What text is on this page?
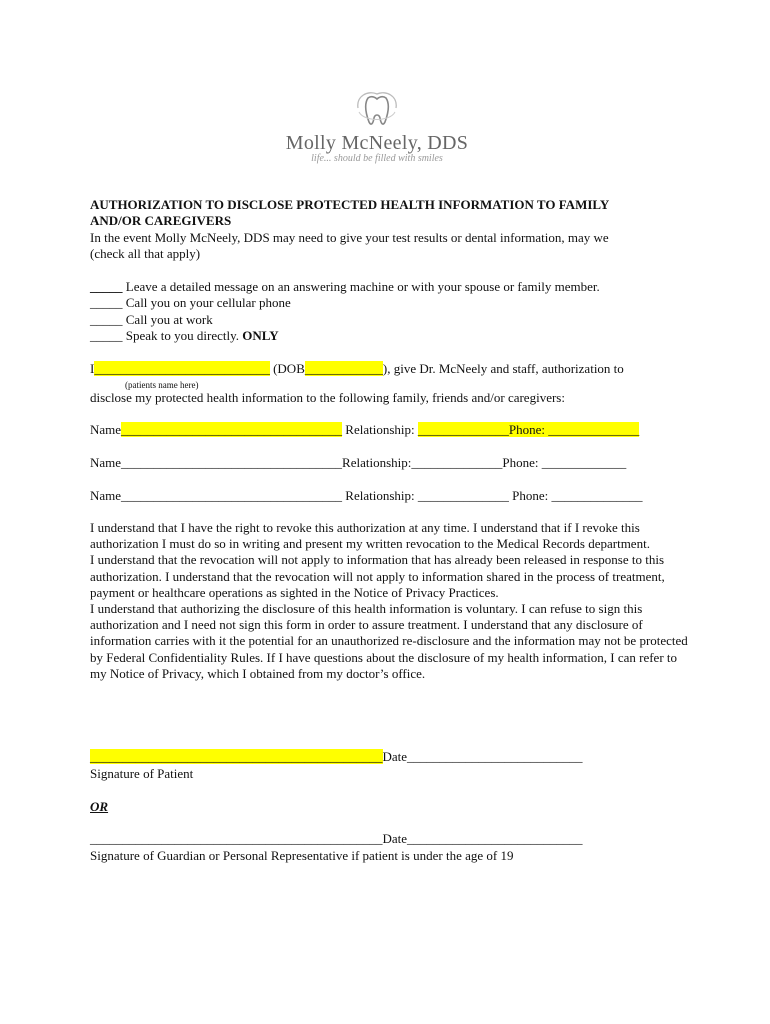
Molly McNeely, DDS
life... should be filled with smiles
AUTHORIZATION TO DISCLOSE PROTECTED HEALTH INFORMATION TO FAMILY
AND/OR CAREGIVERS
In the event Molly McNeely, DDS may need to give your test results or dental information, may we
(check all that apply)
_____ Leave a detailed message on an answering machine or with your spouse or family member.
_____ Call you on your cellular phone
_____ Call you at work
_____ Speak to you directly. ONLY
I___________________________ (DOB____________), give Dr. McNeely and staff, authorization to
(patients name here)
disclose my protected health information to the following family, friends and/or caregivers:
Name__________________________________ Relationship: ______________Phone: ______________
Name__________________________________Relationship:______________Phone: _____________
Name__________________________________ Relationship: ______________ Phone: ______________

I understand that I have the right to revoke this authorization at any time. I understand that if I revoke this authorization I must do so in writing and present my written revocation to the Medical Records department.

I understand that the revocation will not apply to information that has already been released in response to this authorization. I understand that the revocation will not apply to information shared in the process of treatment, payment or healthcare operations as sighted in the Notice of Privacy Practices.

I understand that authorizing the disclosure of this health information is voluntary. I can refuse to sign this authorization and I need not sign this form in order to assure treatment. I understand that any disclosure of information carries with it the potential for an unauthorized re-disclosure and the information may not be protected by Federal Confidentiality Rules. If I have questions about the disclosure of my health information, I can refer to my Notice of Privacy, which I obtained from my doctor’s office.

_____________________________________________Date___________________________
Signature of Patient
OR
_____________________________________________Date___________________________
Signature of Guardian or Personal Representative if patient is under the age of 19
